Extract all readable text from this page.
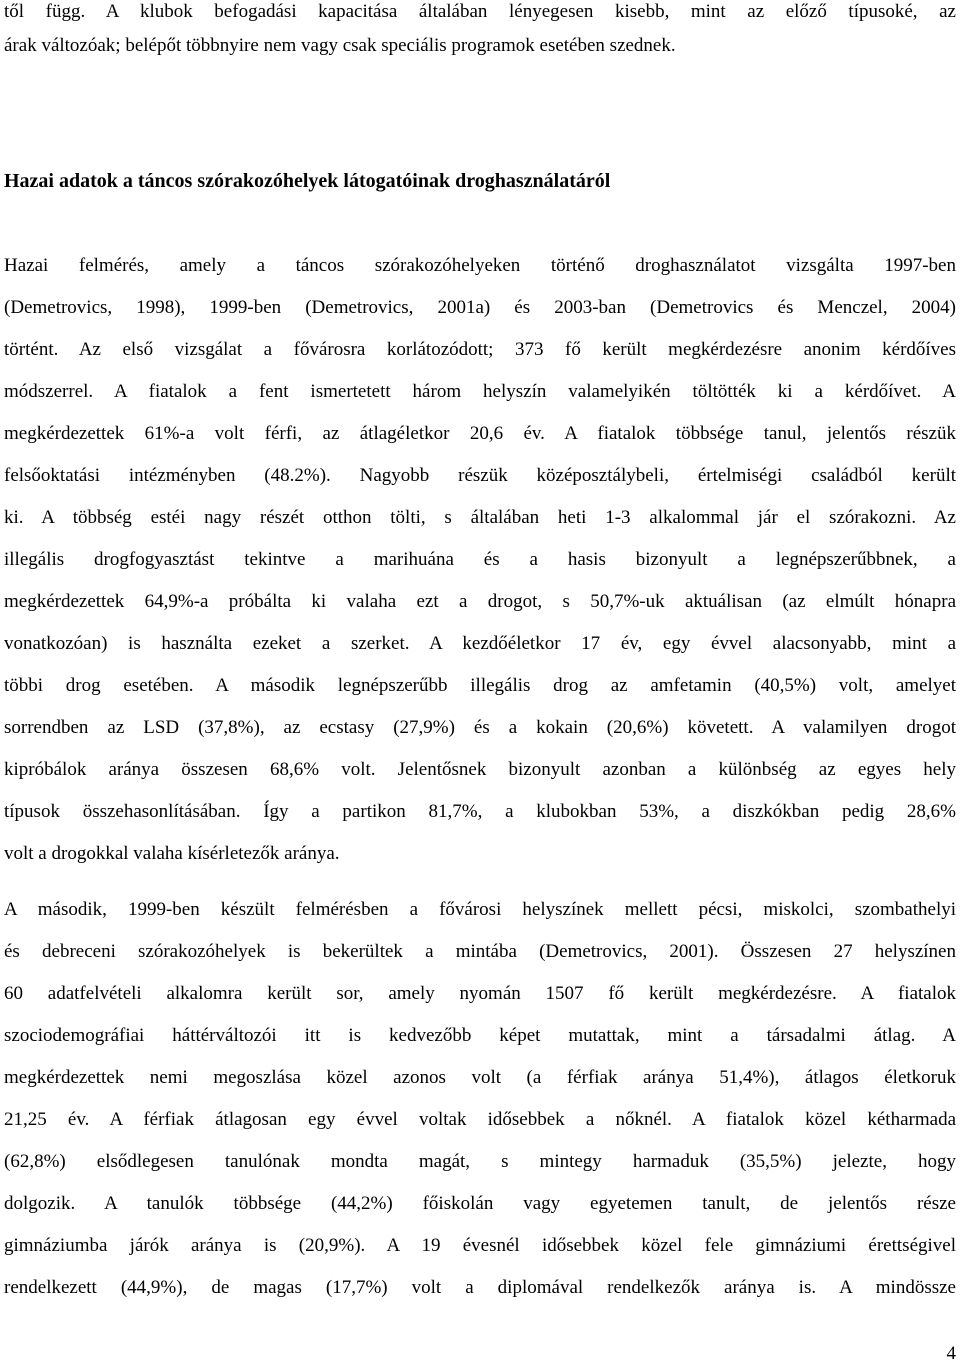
től függ. A klubok befogadási kapacitása általában lényegesen kisebb, mint az előző típusoké, az
árak változóak; belépőt többnyire nem vagy csak speciális programok esetében szednek.
Hazai adatok a táncos szórakozóhelyek látogatóinak droghasználatáról
Hazai felmérés, amely a táncos szórakozóhelyeken történő droghasználatot vizsgálta 1997-ben
(Demetrovics, 1998), 1999-ben (Demetrovics, 2001a) és 2003-ban (Demetrovics és Menczel, 2004)
történt. Az első vizsgálat a fővárosra korlátozódott; 373 fő került megkérdezésre anonim kérdőíves
módszerrel. A fiatalok a fent ismertetett három helyszín valamelyikén töltötték ki a kérdőívet. A
megkérdezettek 61%-a volt férfi, az átlagéletkor 20,6 év. A fiatalok többsége tanul, jelentős részük
felsőoktatási intézményben (48.2%). Nagyobb részük középosztálybeli, értelmiségi családból került
ki. A többség estéi nagy részét otthon tölti, s általában heti 1-3 alkalommal jár el szórakozni. Az
illegális drogfogyasztást tekintve a marihuána és a hasis bizonyult a legnépszerűbbnek, a
megkérdezettek 64,9%-a próbálta ki valaha ezt a drogot, s 50,7%-uk aktuálisan (az elmúlt hónapra
vonatkozóan) is használta ezeket a szerket. A kezdőéletkor 17 év, egy évvel alacsonyabb, mint a
többi drog esetében. A második legnépszerűbb illegális drog az amfetamin (40,5%) volt, amelyet
sorrendben az LSD (37,8%), az ecstasy (27,9%) és a kokain (20,6%) követett. A valamilyen drogot
kipróbálok aránya összesen 68,6% volt. Jelentősnek bizonyult azonban a különbség az egyes hely
típusok összehasonlításában. Így a partikon 81,7%, a klubokban 53%, a diszkókban pedig 28,6%
volt a drogokkal valaha kísérletezők aránya.
A második, 1999-ben készült felmérésben a fővárosi helyszínek mellett pécsi, miskolci, szombathelyi
és debreceni szórakozóhelyek is bekerültek a mintába (Demetrovics, 2001). Összesen 27 helyszínen
60 adatfelvételi alkalomra került sor, amely nyomán 1507 fő került megkérdezésre. A fiatalok
szociodemográfiai háttérváltozói itt is kedvezőbb képet mutattak, mint a társadalmi átlag. A
megkérdezettek nemi megoszlása közel azonos volt (a férfiak aránya 51,4%), átlagos életkoruk
21,25 év. A férfiak átlagosan egy évvel voltak idősebbek a nőknél. A fiatalok közel kétharmada
(62,8%) elsődlegesen tanulónak mondta magát, s mintegy harmaduk (35,5%) jelezte, hogy
dolgozik. A tanulók többsége (44,2%) főiskolán vagy egyetemen tanult, de jelentős része
gimnáziumba járók aránya is (20,9%). A 19 évesnél idősebbek közel fele gimnáziumi érettségivel
rendelkezett (44,9%), de magas (17,7%) volt a diplomával rendelkezők aránya is. A mindössze
4
